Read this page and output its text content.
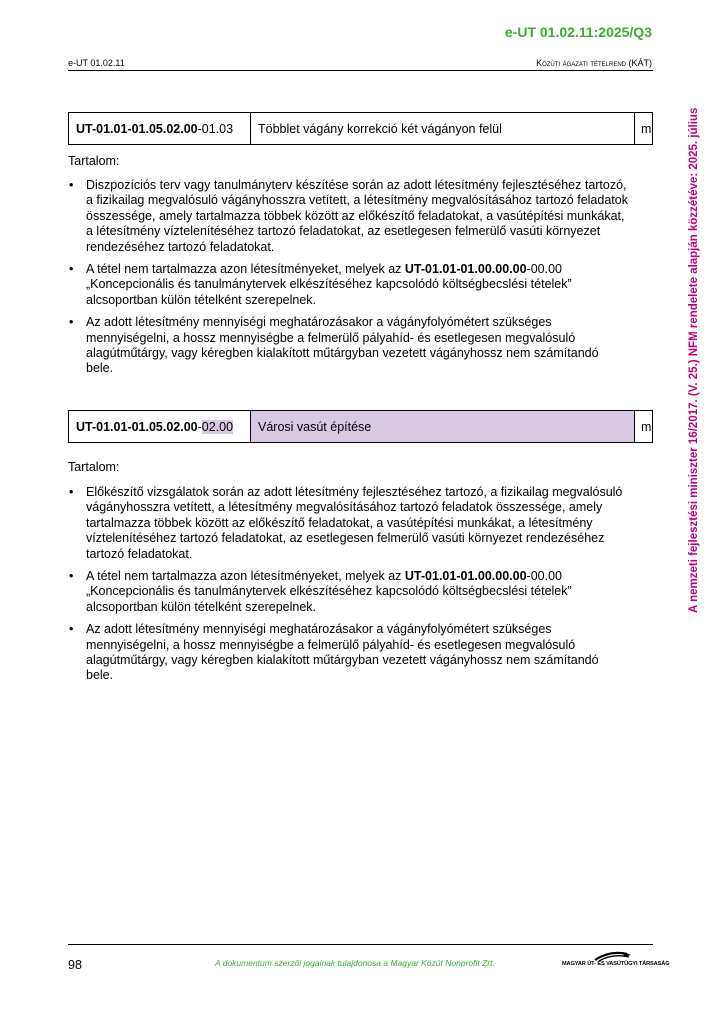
e-UT 01.02.11:2025/Q3
e-UT 01.02.11	Közúti ágazati tételrend (KÁT)
A nemzeti fejlesztési miniszter 16/2017. (V. 25.) NFM rendelete alapján közzétéve: 2025. július
UT-01.01-01.05.02.00 -01.03	Többlet vágány korrekció két vágányon felül	m
Tartalom:
• Diszpozíciós terv vagy tanulmányterv készítése során az adott létesítmény fejlesztéséhez tartozó, a fizikailag megvalósuló vágányhosszra vetített, a létesítmény megvalósításához tartozó feladatok összessége, amely tartalmazza többek között az előkészítő feladatokat, a vasútépítési munkákat, a létesítmény víztelenítéséhez tartozó feladatokat, az esetlegesen felmerülő vasúti környezet rendezéséhez tartozó feladatokat.
• A tétel nem tartalmazza azon létesítményeket, melyek az UT-01.01-01.00.00.00-00.00 „Koncepcionális és tanulmánytervek elkészítéséhez kapcsolódó költségbecslési tételek” alcsoportban külön tételként szerepelnek.
• Az adott létesítmény mennyiségi meghatározásakor a vágányfolyómétert szükséges mennyiségelni, a hossz mennyiségbe a felmerülő pályahíd- és esetlegesen megvalósuló alagútműtárgy, vagy kéregben kialakított műtárgyban vezetett vágányhossz nem számítandó bele.
UT-01.01-01.05.02.00 - 02.00	Városi vasút építése	m
Tartalom:
• Előkészítő vizsgálatok során az adott létesítmény fejlesztéséhez tartozó, a fizikailag megvalósuló vágányhosszra vetített, a létesítmény megvalósításához tartozó feladatok összessége, amely tartalmazza többek között az előkészítő feladatokat, a vasútépítési munkákat, a létesítmény víztelenítéséhez tartozó feladatokat, az esetlegesen felmerülő vasúti környezet rendezéséhez tartozó feladatokat.
• A tétel nem tartalmazza azon létesítményeket, melyek az UT-01.01-01.00.00.00-00.00 „Koncepcionális és tanulmánytervek elkészítéséhez kapcsolódó költségbecslési tételek” alcsoportban külön tételként szerepelnek.
• Az adott létesítmény mennyiségi meghatározásakor a vágányfolyómétert szükséges mennyiségelni, a hossz mennyiségbe a felmerülő pályahíd- és esetlegesen megvalósuló alagútműtárgy, vagy kéregben kialakított műtárgyban vezetett vágányhossz nem számítandó bele.
98	A dokumentum szerzői jogainak tulajdonosa a Magyar Közút Nonprofit Zrt.	MAGYAR ÚT- ÉS VASÚTÜGYI TÁRSASÁG
